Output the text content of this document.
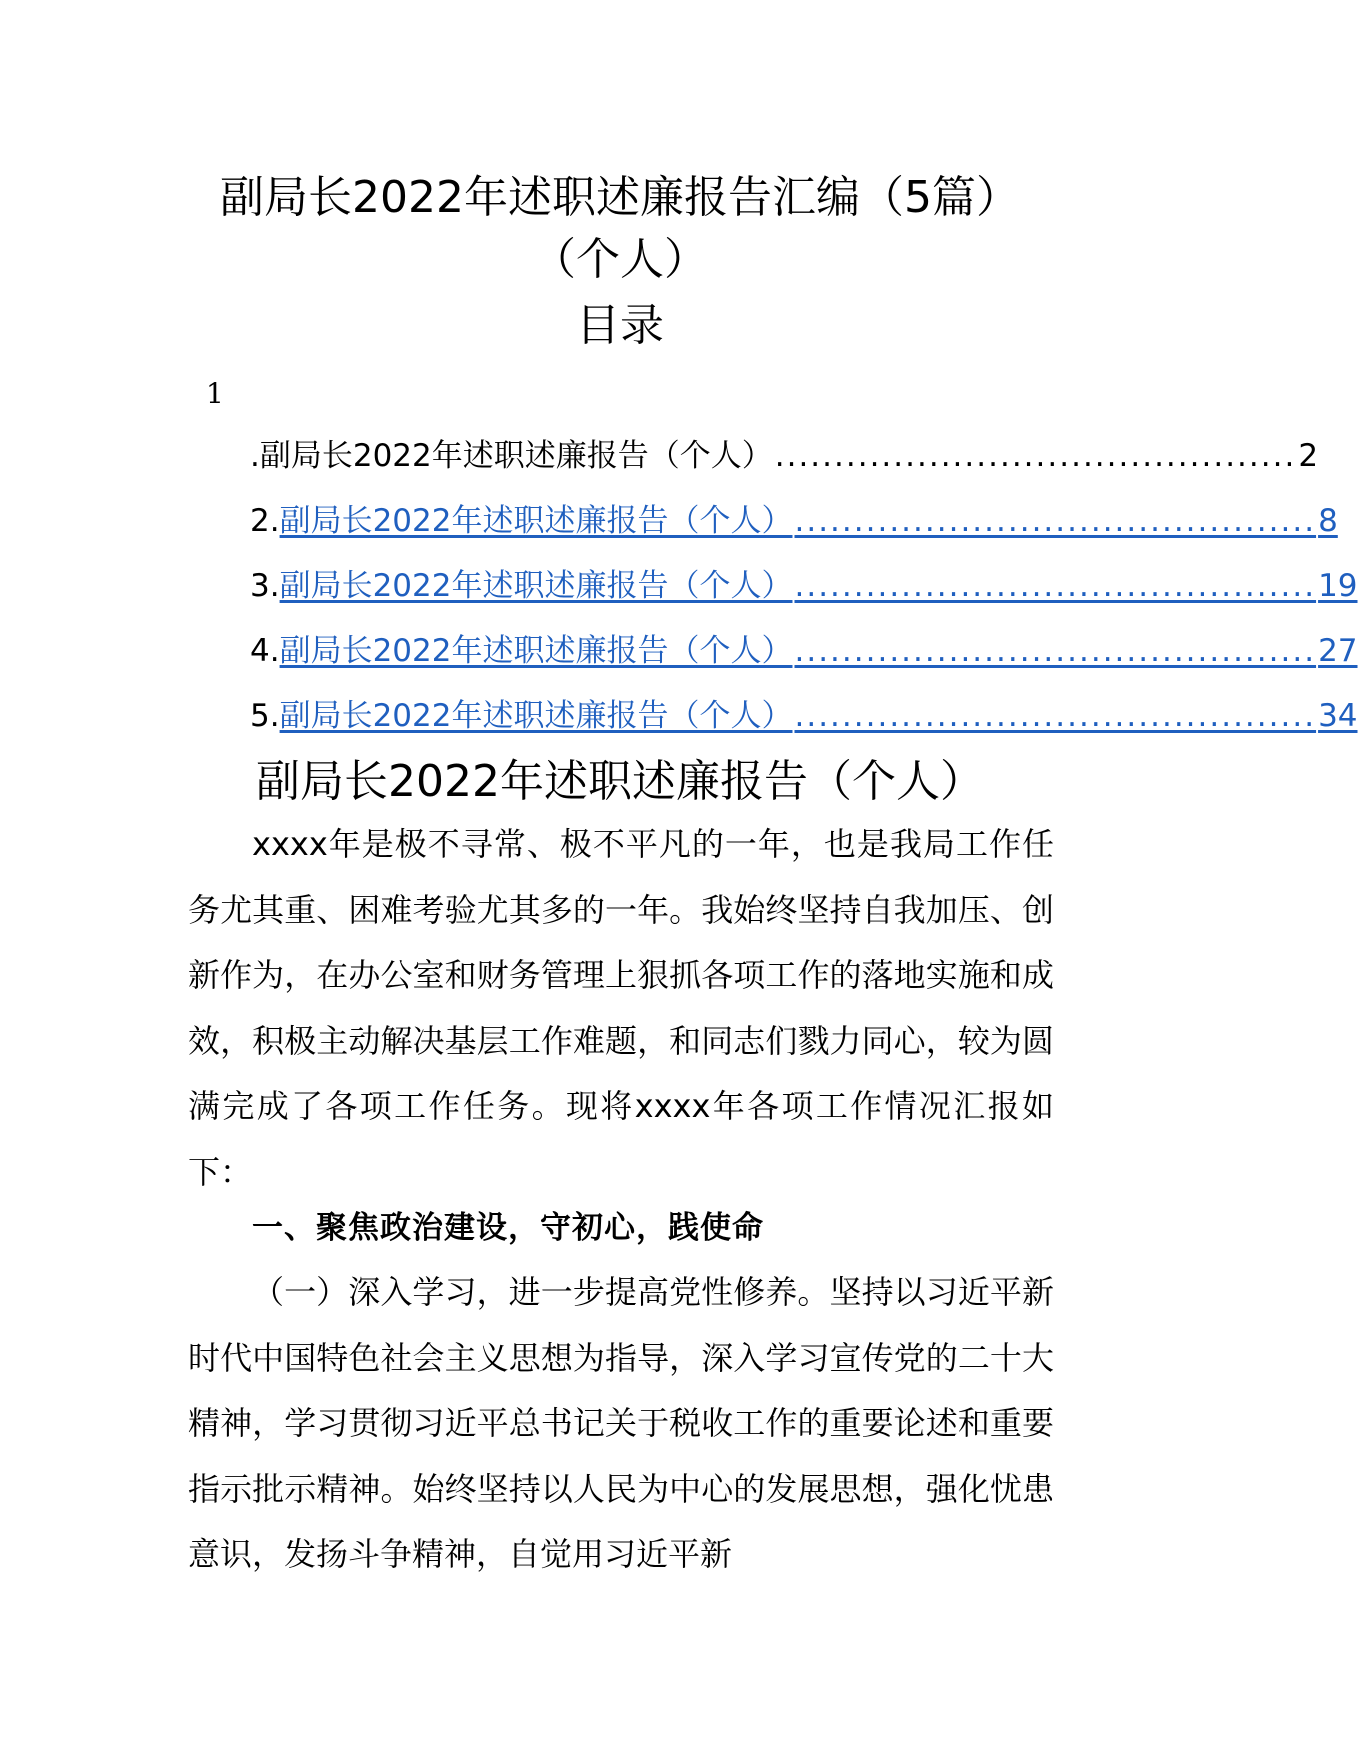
副局长2022年述职述廉报告汇编（5篇）
（个人）
目录
1
.副局长2022年述职述廉报告（个人） ............................................ 2
2. 副局长2022年述职述廉报告（个人） ............................................ 8
3. 副局长2022年述职述廉报告（个人） ............................................ 19
4. 副局长2022年述职述廉报告（个人） ............................................ 27
5. 副局长2022年述职述廉报告（个人） ............................................ 34
副局长2022年述职述廉报告（个人）

xxxx年是极不寻常、极不平凡的一年，也是我局工作任务尤其重、困难考验尤其多的一年。我始终坚持自我加压、创新作为，在办公室和财务管理上狠抓各项工作的落地实施和成效，积极主动解决基层工作难题，和同志们戮力同心，较为圆满完成了各项工作任务。现将xxxx年各项工作情况汇报如下：

一、聚焦政治建设，守初心，践使命

（一）深入学习，进一步提高党性修养。坚持以习近平新时代中国特色社会主义思想为指导，深入学习宣传党的二十大精神，学习贯彻习近平总书记关于税收工作的重要论述和重要指示批示精神。始终坚持以人民为中心的发展思想，强化忧患意识，发扬斗争精神，自觉用习近平新
